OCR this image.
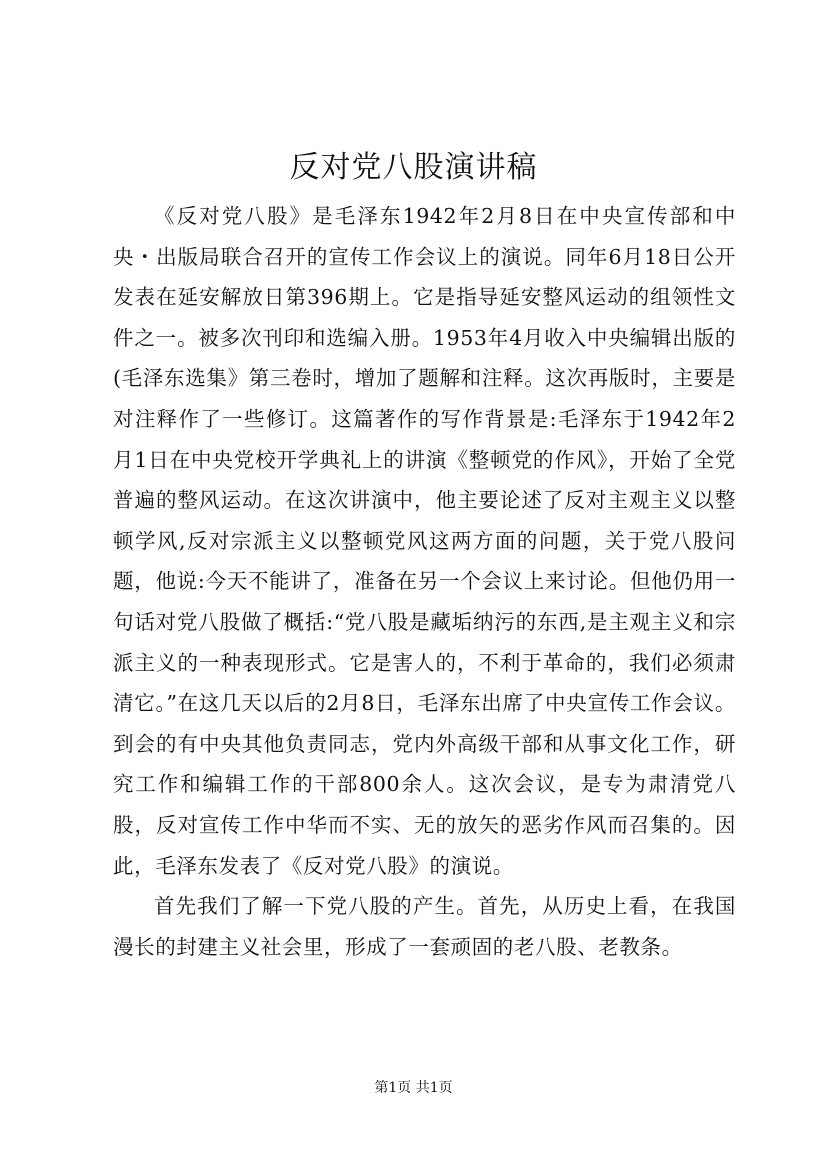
反对党八股演讲稿

《反对党八股》是毛泽东1942年2月8日在中央宣传部和中央・出版局联合召开的宣传工作会议上的演说。同年6月18日公开发表在延安解放日第396期上。它是指导延安整风运动的组领性文件之一。被多次刊印和选编入册。1953年4月收入中央编辑出版的(毛泽东选集》第三卷时，增加了题解和注释。这次再版时，主要是对注释作了一些修订。这篇著作的写作背景是:毛泽东于1942年2月1日在中央党校开学典礼上的讲演《整顿党的作风》，开始了全党普遍的整风运动。在这次讲演中，他主要论述了反对主观主义以整顿学风,反对宗派主义以整顿党风这两方面的问题，关于党八股问题，他说:今天不能讲了，准备在另一个会议上来讨论。但他仍用一句话对党八股做了概括:“党八股是藏垢纳污的东西,是主观主义和宗派主义的一种表现形式。它是害人的，不利于革命的，我们必须肃清它。”在这几天以后的2月8日，毛泽东出席了中央宣传工作会议。到会的有中央其他负责同志，党内外高级干部和从事文化工作，研究工作和编辑工作的干部800余人。这次会议，是专为肃清党八股，反对宣传工作中华而不实、无的放矢的恶劣作风而召集的。因此，毛泽东发表了《反对党八股》的演说。

首先我们了解一下党八股的产生。首先，从历史上看，在我国漫长的封建主义社会里，形成了一套顽固的老八股、老教条。

第1页 共1页
